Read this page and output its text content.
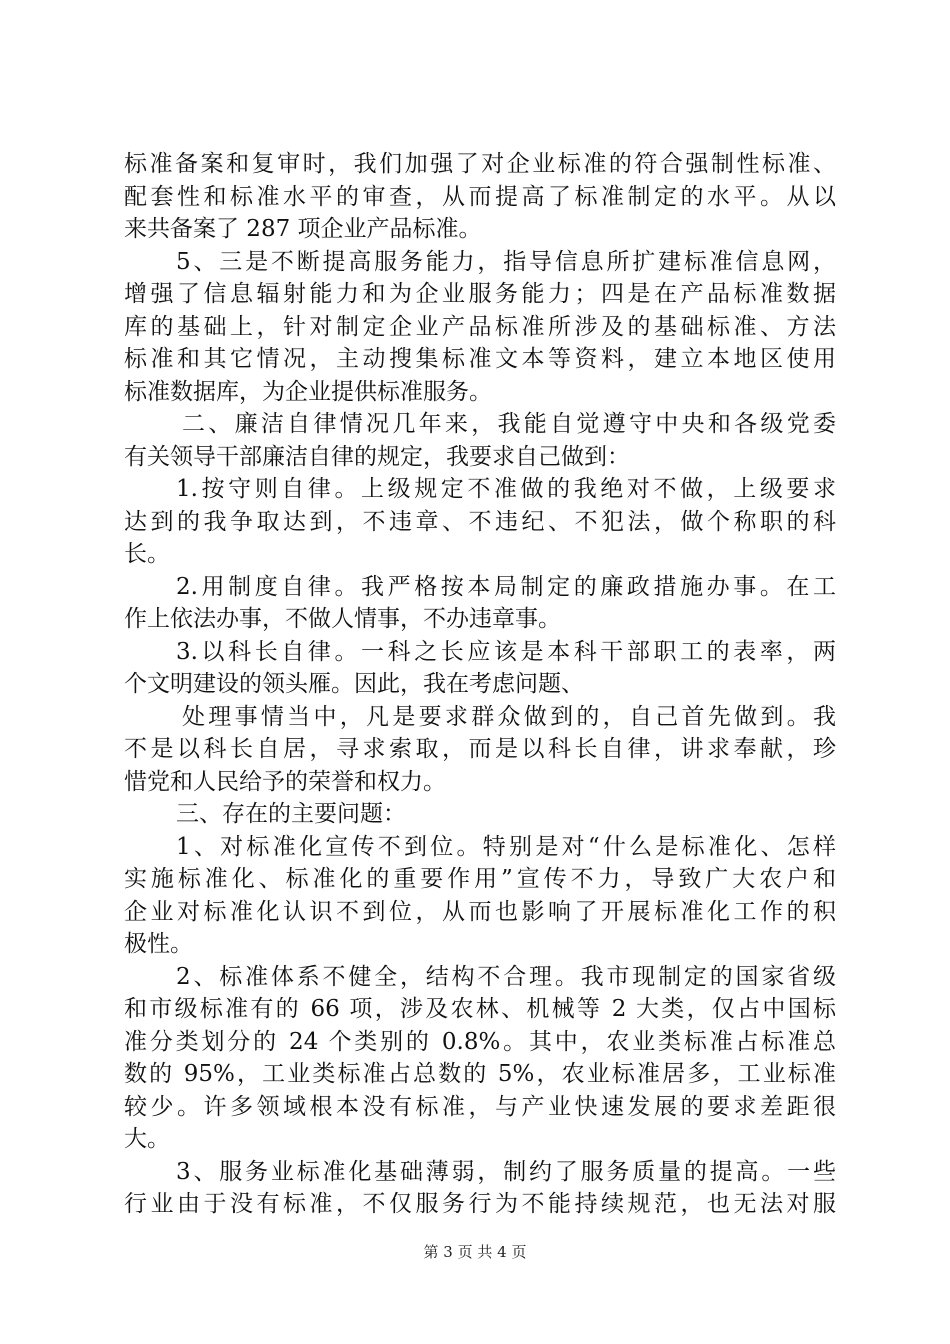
标准备案和复审时，我们加强了对企业标准的符合强制性标准、
配套性和标准水平的审查，从而提高了标准制定的水平。从以
来共备案了 287 项企业产品标准。
5、三是不断提高服务能力，指导信息所扩建标准信息网，
增强了信息辐射能力和为企业服务能力；四是在产品标准数据
库的基础上，针对制定企业产品标准所涉及的基础标准、方法
标准和其它情况，主动搜集标准文本等资料，建立本地区使用
标准数据库，为企业提供标准服务。
二、廉洁自律情况几年来，我能自觉遵守中央和各级党委
有关领导干部廉洁自律的规定，我要求自己做到：
1.按守则自律。上级规定不准做的我绝对不做，上级要求
达到的我争取达到，不违章、不违纪、不犯法，做个称职的科
长。
2.用制度自律。我严格按本局制定的廉政措施办事。在工
作上依法办事，不做人情事，不办违章事。
3.以科长自律。一科之长应该是本科干部职工的表率，两
个文明建设的领头雁。因此，我在考虑问题、
处理事情当中，凡是要求群众做到的，自己首先做到。我
不是以科长自居，寻求索取，而是以科长自律，讲求奉献，珍
惜党和人民给予的荣誉和权力。
三、存在的主要问题：
1、对标准化宣传不到位。特别是对“什么是标准化、怎样
实施标准化、标准化的重要作用”宣传不力，导致广大农户和
企业对标准化认识不到位，从而也影响了开展标准化工作的积
极性。
2、标准体系不健全，结构不合理。我市现制定的国家省级
和市级标准有的 66 项，涉及农林、机械等 2 大类，仅占中国标
准分类划分的 24 个类别的 0.8%。其中，农业类标准占标准总
数的 95%，工业类标准占总数的 5%，农业标准居多，工业标准
较少。许多领域根本没有标准，与产业快速发展的要求差距很
大。
3、服务业标准化基础薄弱，制约了服务质量的提高。一些
行业由于没有标准，不仅服务行为不能持续规范，也无法对服
第 3 页 共 4 页
